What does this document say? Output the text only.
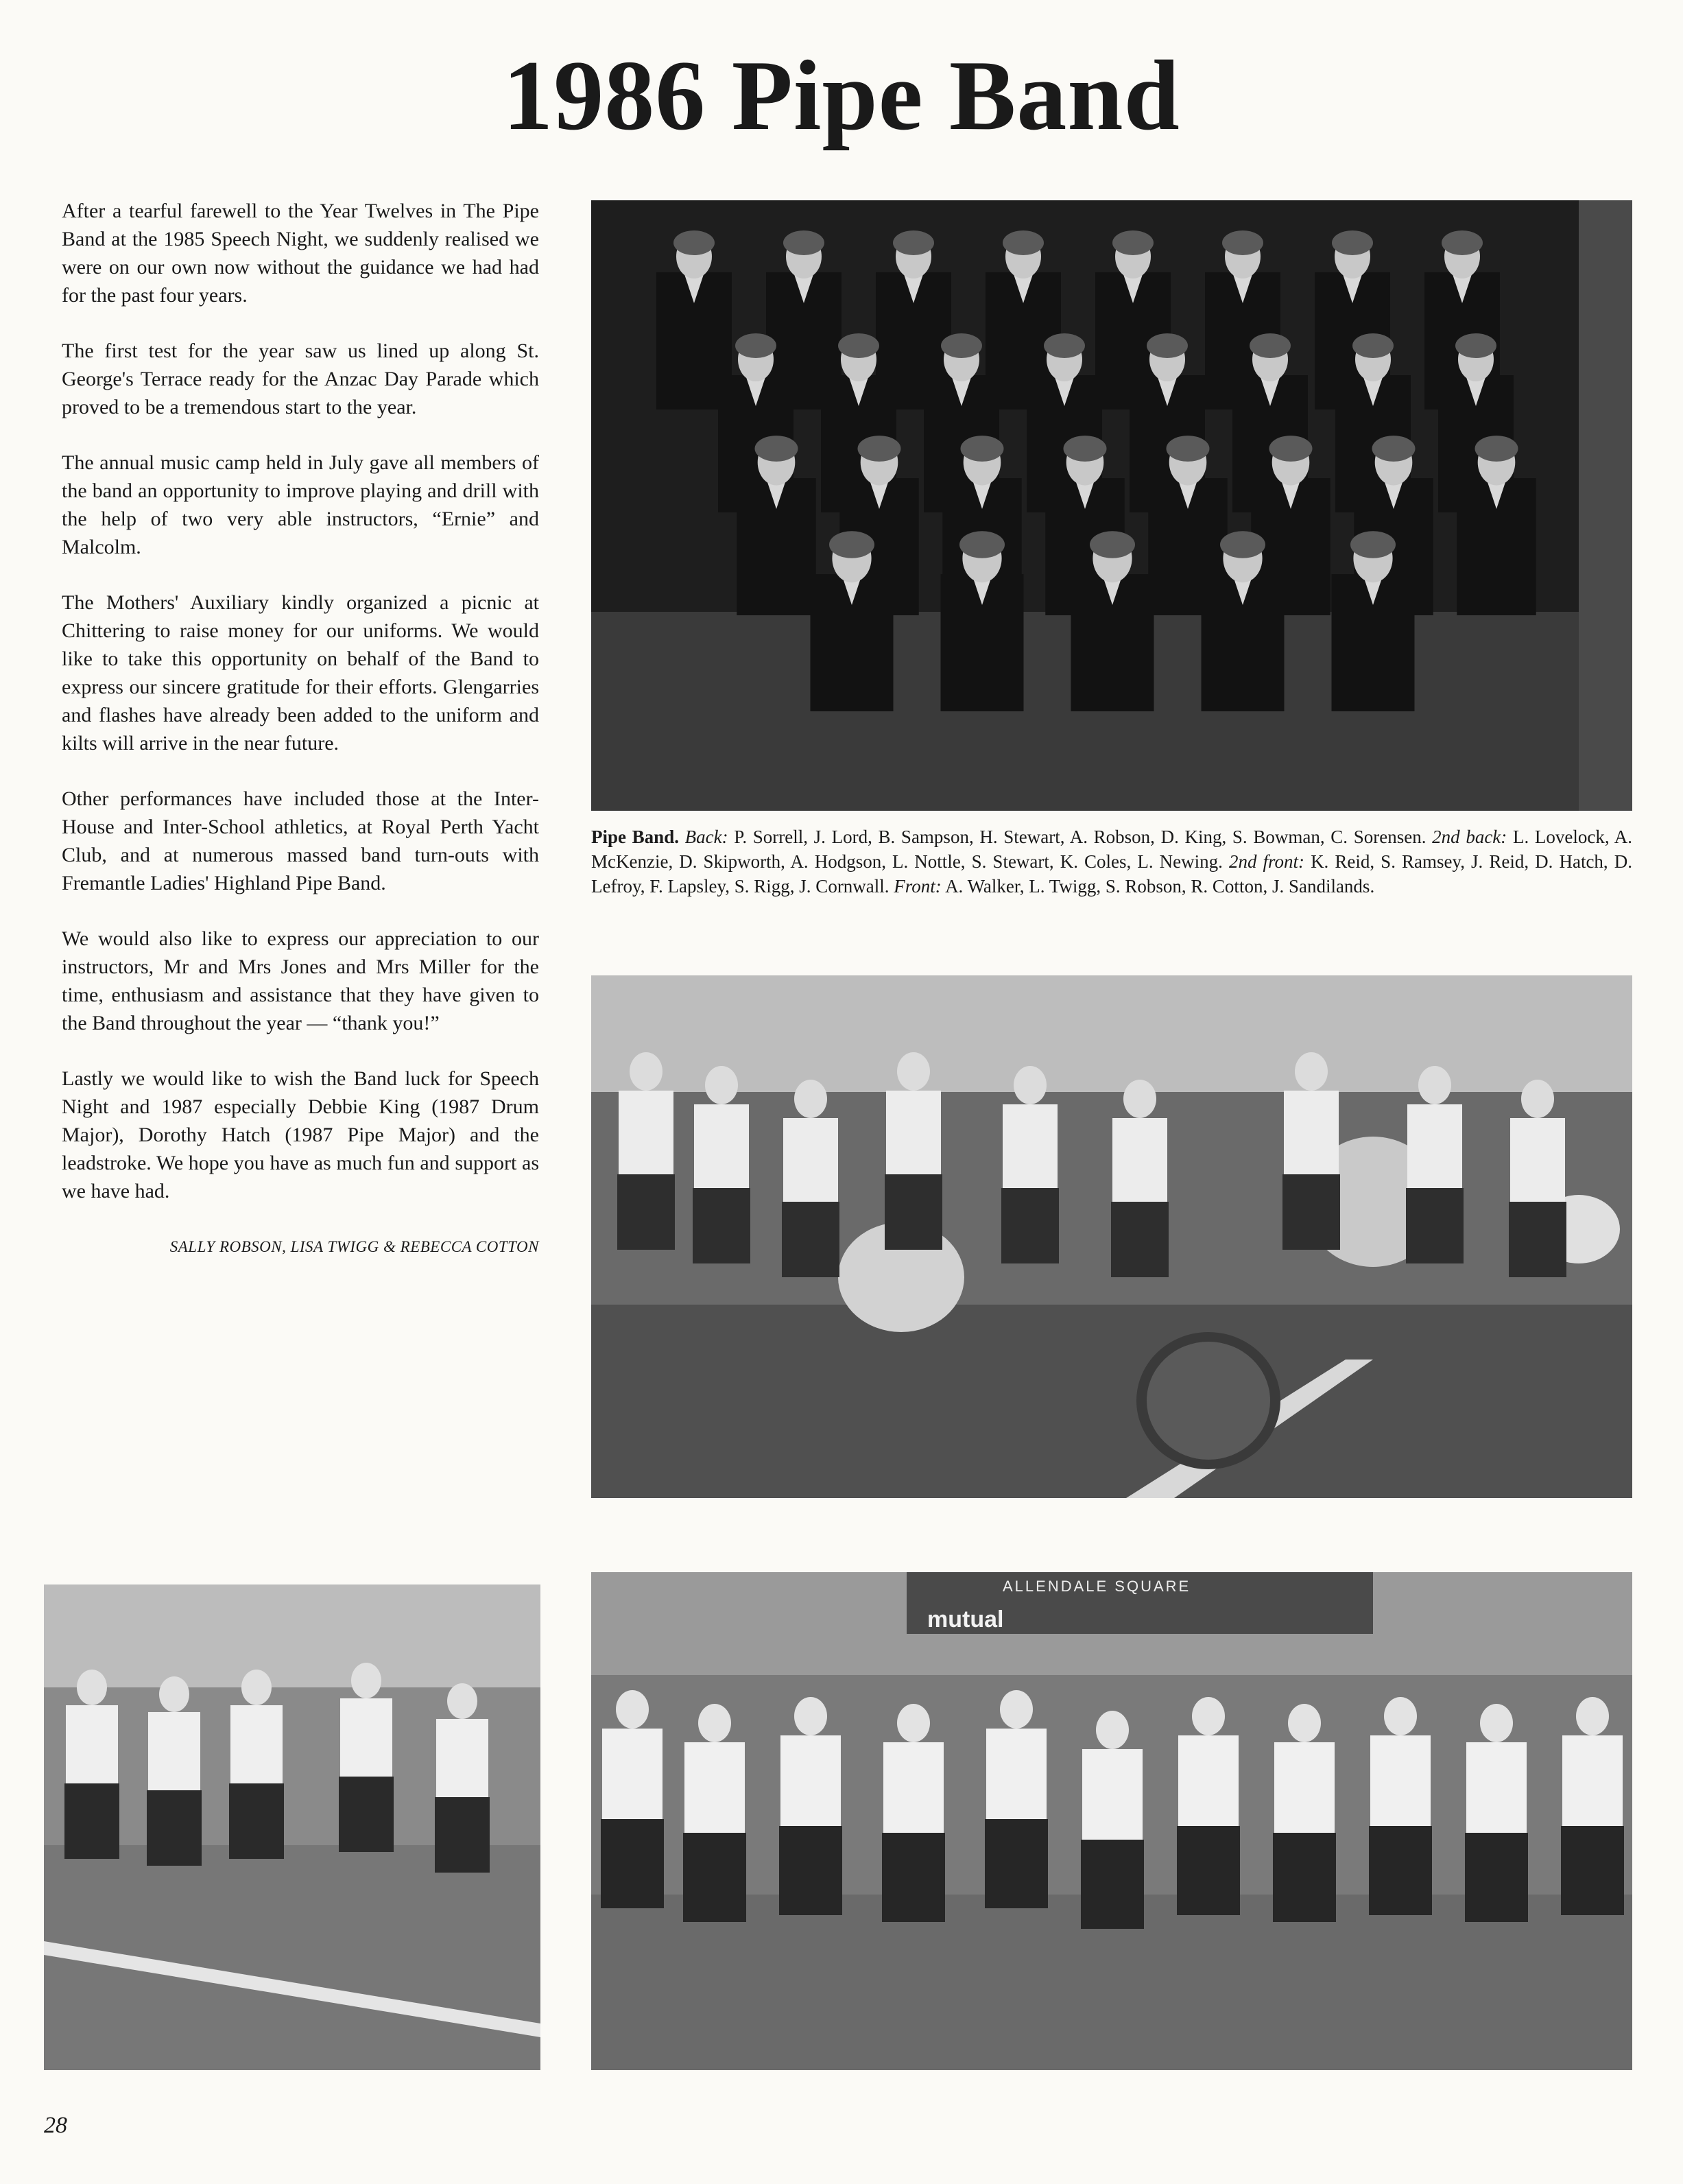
1986 Pipe Band

After a tearful farewell to the Year Twelves in The Pipe Band at the 1985 Speech Night, we suddenly realised we were on our own now without the guidance we had had for the past four years.

The first test for the year saw us lined up along St. George's Terrace ready for the Anzac Day Parade which proved to be a tremendous start to the year.

The annual music camp held in July gave all members of the band an opportunity to improve playing and drill with the help of two very able instructors, “Ernie” and Malcolm.

The Mothers' Auxiliary kindly organized a picnic at Chittering to raise money for our uniforms. We would like to take this opportunity on behalf of the Band to express our sincere gratitude for their efforts. Glengarries and flashes have already been added to the uniform and kilts will arrive in the near future.

Other performances have included those at the Inter-House and Inter-School athletics, at Royal Perth Yacht Club, and at numerous massed band turn-outs with Fremantle Ladies' Highland Pipe Band.

We would also like to express our appreciation to our instructors, Mr and Mrs Jones and Mrs Miller for the time, enthusiasm and assistance that they have given to the Band throughout the year — “thank you!”

Lastly we would like to wish the Band luck for Speech Night and 1987 especially Debbie King (1987 Drum Major), Dorothy Hatch (1987 Pipe Major) and the leadstroke. We hope you have as much fun and support as we have had.

SALLY ROBSON, LISA TWIGG & REBECCA COTTON

Pipe Band. Back: P. Sorrell, J. Lord, B. Sampson, H. Stewart, A. Robson, D. King, S. Bowman, C. Sorensen. 2nd back: L. Lovelock, A. McKenzie, D. Skipworth, A. Hodgson, L. Nottle, S. Stewart, K. Coles, L. Newing. 2nd front: K. Reid, S. Ramsey, J. Reid, D. Hatch, D. Lefroy, F. Lapsley, S. Rigg, J. Cornwall. Front: A. Walker, L. Twigg, S. Robson, R. Cotton, J. Sandilands.
ALLENDALE SQUARE
mutual
28
